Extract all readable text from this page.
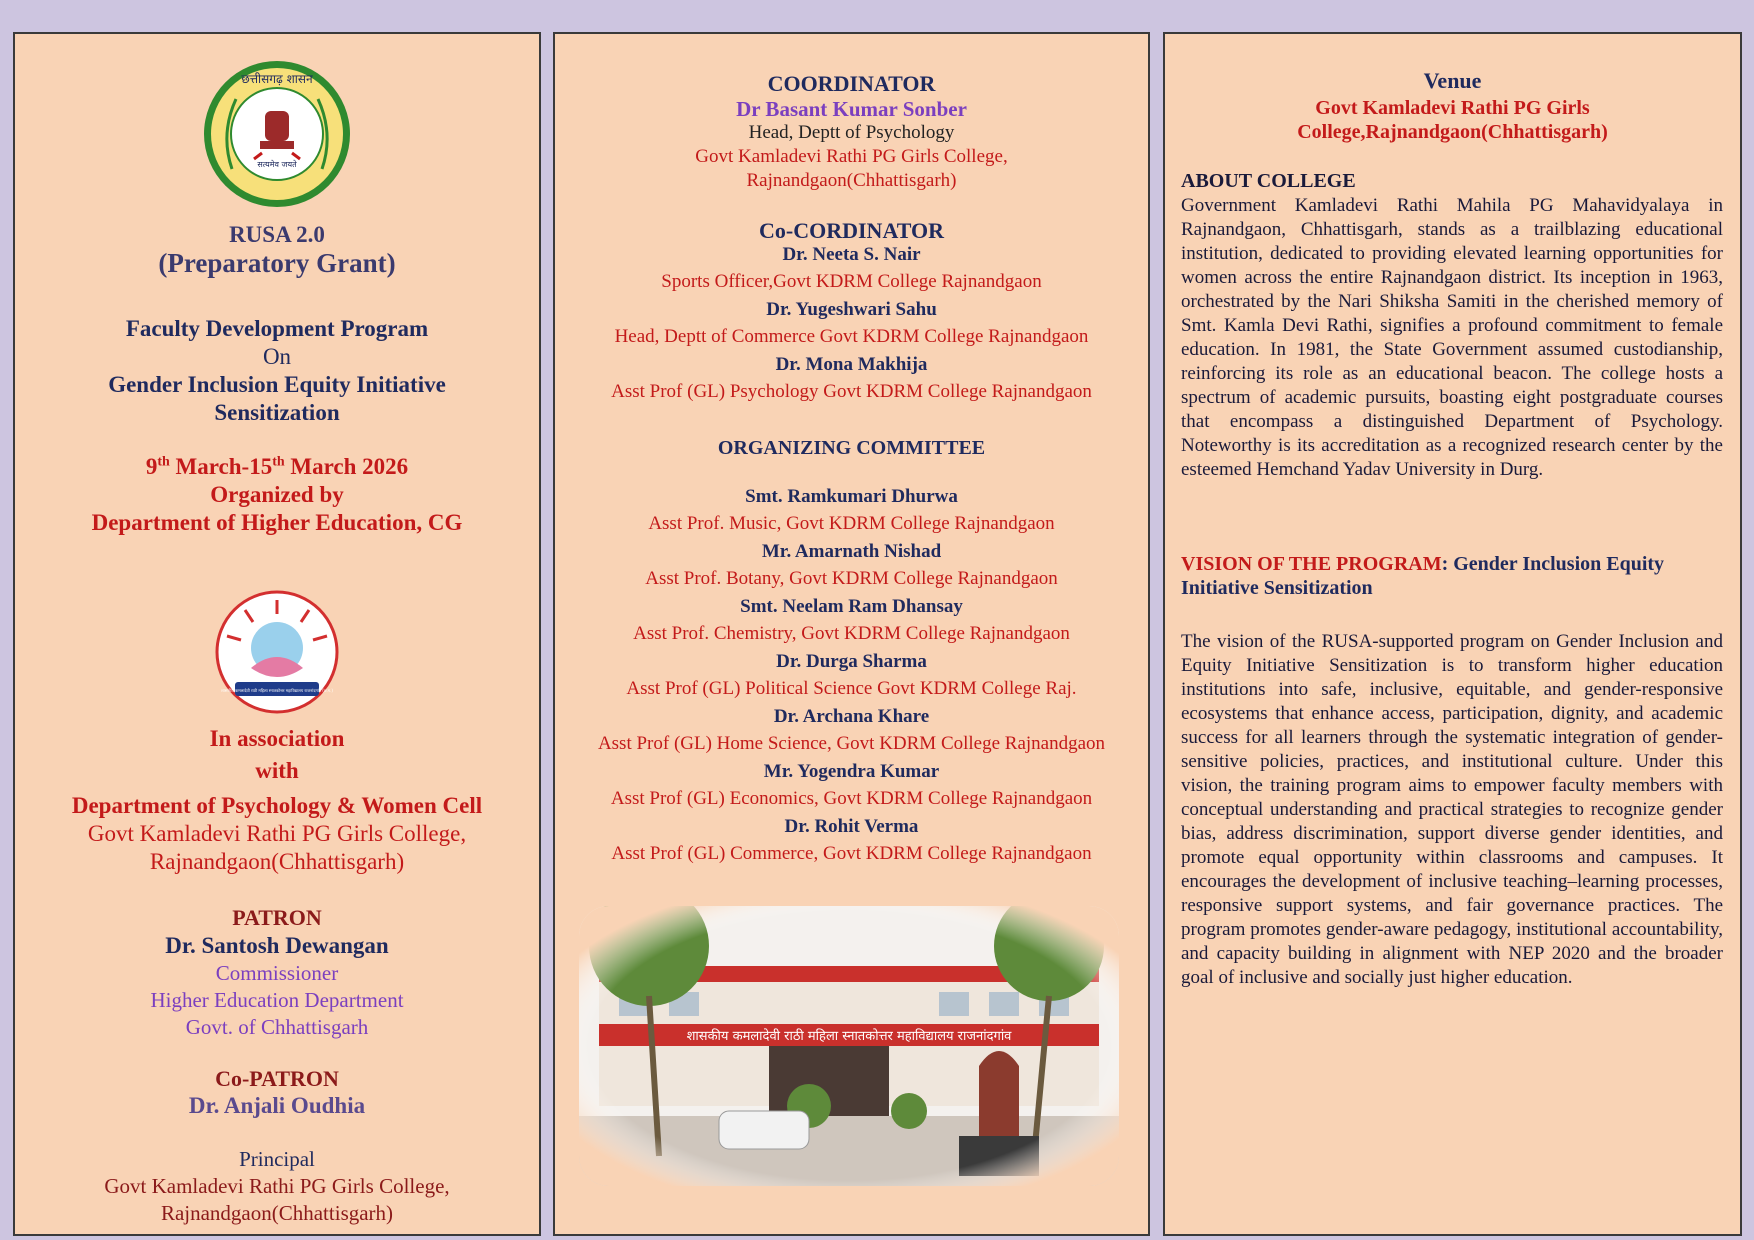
छत्तीसगढ़ शासन
सत्यमेव जयते
RUSA 2.0
(Preparatory Grant)
Faculty Development Program
On
Gender Inclusion Equity Initiative
Sensitization
9th March-15th March 2026
Organized by
Department of Higher Education, CG
शासकीय कमलादेवी राठी महिला स्नातकोत्तर महाविद्यालय राजनांदगांव (छ.ग.)
In association
with
Department of Psychology & Women Cell
Govt Kamladevi Rathi PG Girls College,
Rajnandgaon(Chhattisgarh)
PATRON
Dr. Santosh Dewangan
Commissioner
Higher Education Department
Govt. of Chhattisgarh
Co-PATRON
Dr. Anjali Oudhia
Principal
Govt Kamladevi Rathi PG Girls College,
Rajnandgaon(Chhattisgarh)
COORDINATOR
Dr Basant Kumar Sonber
Head, Deptt of Psychology
Govt Kamladevi Rathi PG Girls College,
Rajnandgaon(Chhattisgarh)
Co-CORDINATOR
Dr. Neeta S. Nair
Sports Officer,Govt KDRM College Rajnandgaon
Dr. Yugeshwari Sahu
Head, Deptt of Commerce Govt KDRM College Rajnandgaon
Dr. Mona Makhija
Asst Prof (GL) Psychology Govt KDRM College Rajnandgaon
ORGANIZING COMMITTEE
Smt. Ramkumari Dhurwa
Asst Prof. Music, Govt KDRM College Rajnandgaon
Mr. Amarnath Nishad
Asst Prof. Botany, Govt KDRM College Rajnandgaon
Smt. Neelam Ram Dhansay
Asst Prof. Chemistry, Govt KDRM College Rajnandgaon
Dr. Durga Sharma
Asst Prof (GL) Political Science Govt KDRM College Raj.
Dr. Archana Khare
Asst Prof (GL) Home Science, Govt KDRM College Rajnandgaon
Mr. Yogendra Kumar
Asst Prof (GL) Economics, Govt KDRM College Rajnandgaon
Dr. Rohit Verma
Asst Prof (GL) Commerce, Govt KDRM College Rajnandgaon
Venue
Govt Kamladevi Rathi PG Girls
College,Rajnandgaon(Chhattisgarh)
ABOUT COLLEGE
Government Kamladevi Rathi Mahila PG Mahavidyalaya in Rajnandgaon, Chhattisgarh, stands as a trailblazing educational institution, dedicated to providing elevated learning opportunities for women across the entire Rajnandgaon district. Its inception in 1963, orchestrated by the Nari Shiksha Samiti in the cherished memory of Smt. Kamla Devi Rathi, signifies a profound commitment to female education. In 1981, the State Government assumed custodianship, reinforcing its role as an educational beacon. The college hosts a spectrum of academic pursuits, boasting eight postgraduate courses that encompass a distinguished Department of Psychology. Noteworthy is its accreditation as a recognized research center by the esteemed Hemchand Yadav University in Durg.
VISION OF THE PROGRAM: Gender Inclusion Equity Initiative Sensitization
The vision of the RUSA-supported program on Gender Inclusion and Equity Initiative Sensitization is to transform higher education institutions into safe, inclusive, equitable, and gender-responsive ecosystems that enhance access, participation, dignity, and academic success for all learners through the systematic integration of gender-sensitive policies, practices, and institutional culture. Under this vision, the training program aims to empower faculty members with conceptual understanding and practical strategies to recognize gender bias, address discrimination, support diverse gender identities, and promote equal opportunity within classrooms and campuses. It encourages the development of inclusive teaching–learning processes, responsive support systems, and fair governance practices. The program promotes gender-aware pedagogy, institutional accountability, and capacity building in alignment with NEP 2020 and the broader goal of inclusive and socially just higher education.
